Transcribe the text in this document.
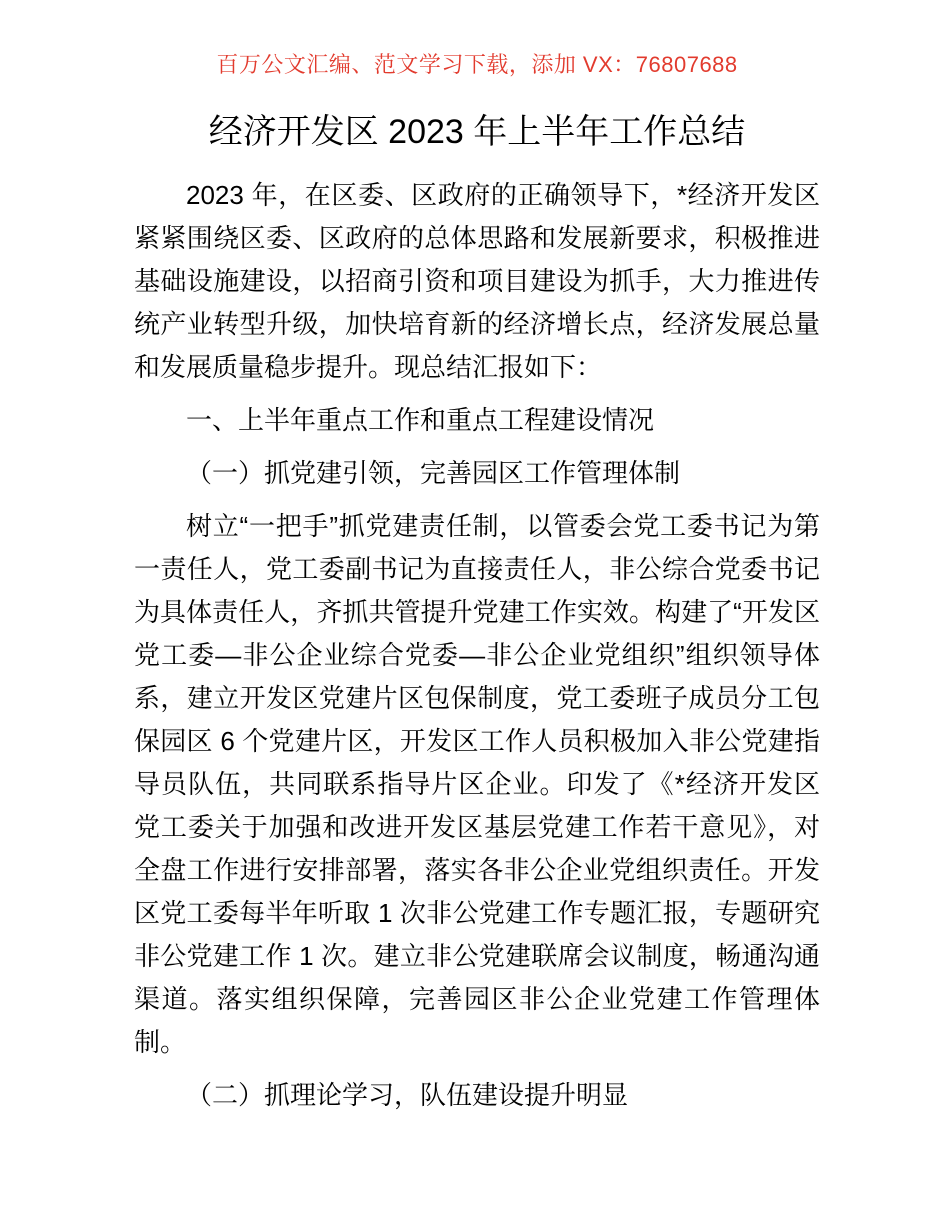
百万公文汇编、范文学习下载，添加 VX：76807688
经济开发区 2023 年上半年工作总结

2023 年，在区委、区政府的正确领导下，*经济开发区紧紧围绕区委、区政府的总体思路和发展新要求，积极推进基础设施建设，以招商引资和项目建设为抓手，大力推进传统产业转型升级，加快培育新的经济增长点，经济发展总量和发展质量稳步提升。现总结汇报如下：

一、上半年重点工作和重点工程建设情况

（一）抓党建引领，完善园区工作管理体制

树立“一把手”抓党建责任制，以管委会党工委书记为第一责任人，党工委副书记为直接责任人，非公综合党委书记为具体责任人，齐抓共管提升党建工作实效。构建了“开发区党工委—非公企业综合党委—非公企业党组织”组织领导体系，建立开发区党建片区包保制度，党工委班子成员分工包保园区 6 个党建片区，开发区工作人员积极加入非公党建指导员队伍，共同联系指导片区企业。印发了《*经济开发区党工委关于加强和改进开发区基层党建工作若干意见》，对全盘工作进行安排部署，落实各非公企业党组织责任。开发区党工委每半年听取 1 次非公党建工作专题汇报，专题研究非公党建工作 1 次。建立非公党建联席会议制度，畅通沟通渠道。落实组织保障，完善园区非公企业党建工作管理体制。

（二）抓理论学习，队伍建设提升明显
